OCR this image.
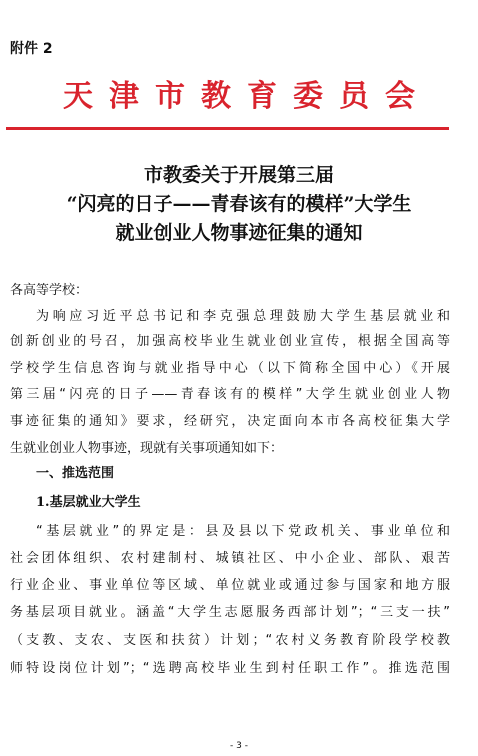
附件 2
天津市教育委员会
市教委关于开展第三届
“闪亮的日子——青春该有的模样”大学生
就业创业人物事迹征集的通知
各高等学校：
为响应习近平总书记和李克强总理鼓励大学生基层就业和
创新创业的号召，加强高校毕业生就业创业宣传，根据全国高等
学校学生信息咨询与就业指导中心（以下简称全国中心）《开展
第三届“闪亮的日子——青春该有的模样”大学生就业创业人物
事迹征集的通知》要求，经研究，决定面向本市各高校征集大学
生就业创业人物事迹，现就有关事项通知如下：
一、推选范围
1.基层就业大学生
“基层就业”的界定是：县及县以下党政机关、事业单位和
社会团体组织、农村建制村、城镇社区、中小企业、部队、艰苦
行业企业、事业单位等区域、单位就业或通过参与国家和地方服
务基层项目就业。涵盖“大学生志愿服务西部计划”；“三支一扶”
（支教、支农、支医和扶贫）计划；“农村义务教育阶段学校教
师特设岗位计划”；“选聘高校毕业生到村任职工作”。推选范围
- 3 -
